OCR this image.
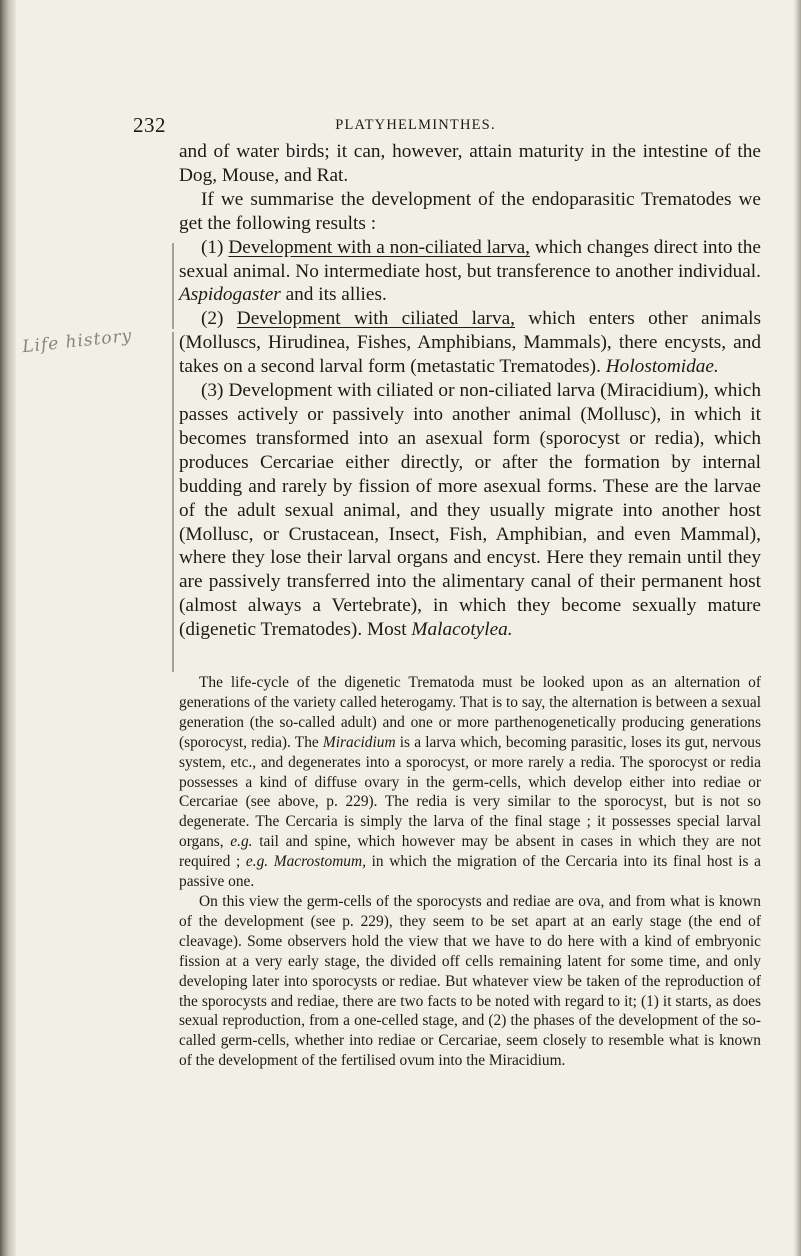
232	PLATYHELMINTHES.
Life history

and of water birds; it can, however, attain maturity in the intestine of the Dog, Mouse, and Rat.

If we summarise the development of the endoparasitic Trematodes we get the following results :

(1) Development with a non-ciliated larva, which changes direct into the sexual animal. No intermediate host, but transference to another individual. Aspidogaster and its allies.

(2) Development with ciliated larva, which enters other animals (Molluscs, Hirudinea, Fishes, Amphibians, Mammals), there encysts, and takes on a second larval form (metastatic Trematodes). Holostomidae.

(3) Development with ciliated or non-ciliated larva (Miracidium), which passes actively or passively into another animal (Mollusc), in which it becomes transformed into an asexual form (sporocyst or redia), which produces Cercariae either directly, or after the formation by internal budding and rarely by fission of more asexual forms. These are the larvae of the adult sexual animal, and they usually migrate into another host (Mollusc, or Crustacean, Insect, Fish, Amphibian, and even Mammal), where they lose their larval organs and encyst. Here they remain until they are passively transferred into the alimentary canal of their permanent host (almost always a Vertebrate), in which they become sexually mature (digenetic Trematodes). Most Malacotylea.

The life-cycle of the digenetic Trematoda must be looked upon as an alternation of generations of the variety called heterogamy. That is to say, the alternation is between a sexual generation (the so-called adult) and one or more parthenogenetically producing generations (sporocyst, redia). The Miracidium is a larva which, becoming parasitic, loses its gut, nervous system, etc., and degenerates into a sporocyst, or more rarely a redia. The sporocyst or redia possesses a kind of diffuse ovary in the germ-cells, which develop either into rediae or Cercariae (see above, p. 229). The redia is very similar to the sporocyst, but is not so degenerate. The Cercaria is simply the larva of the final stage ; it possesses special larval organs, e.g. tail and spine, which however may be absent in cases in which they are not required ; e.g. Macrostomum, in which the migration of the Cercaria into its final host is a passive one.

On this view the germ-cells of the sporocysts and rediae are ova, and from what is known of the development (see p. 229), they seem to be set apart at an early stage (the end of cleavage). Some observers hold the view that we have to do here with a kind of embryonic fission at a very early stage, the divided off cells remaining latent for some time, and only developing later into sporocysts or rediae. But whatever view be taken of the reproduction of the sporocysts and rediae, there are two facts to be noted with regard to it; (1) it starts, as does sexual reproduction, from a one-celled stage, and (2) the phases of the development of the so-called germ-cells, whether into rediae or Cercariae, seem closely to resemble what is known of the development of the fertilised ovum into the Miracidium.
